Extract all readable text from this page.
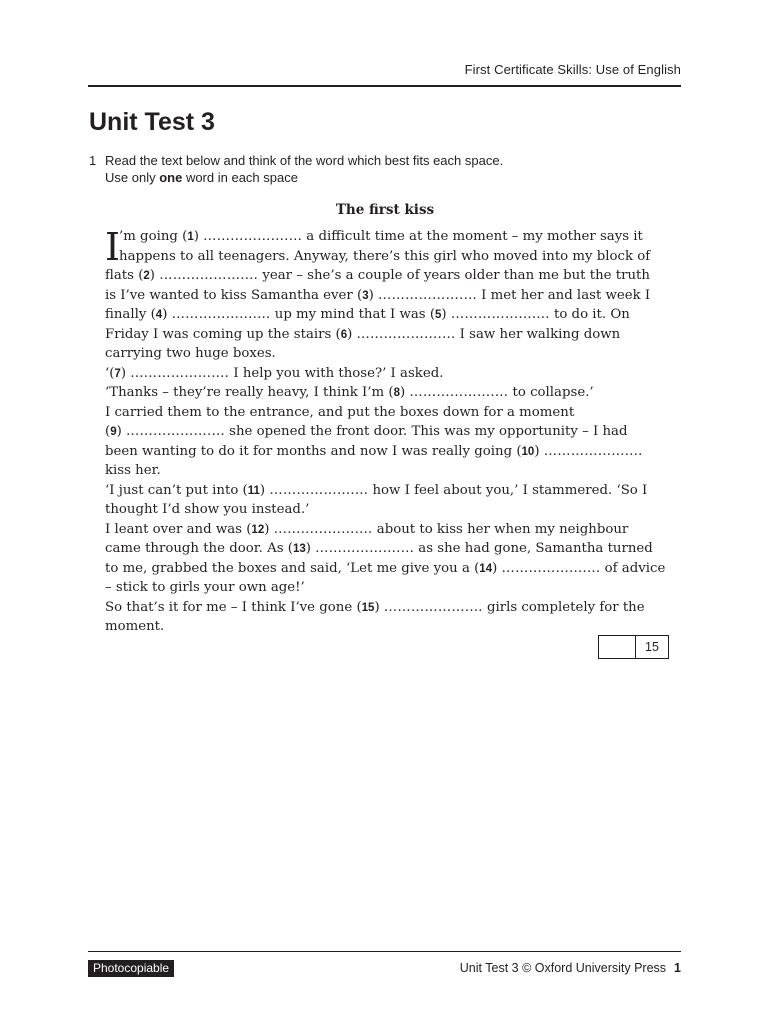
First Certificate Skills: Use of English
Unit Test 3
1 Read the text below and think of the word which best fits each space.
Use only one word in each space
The first kiss
I
’m going (1) ……………….… a difficult time at the moment – my mother says it
happens to all teenagers. Anyway, there’s this girl who moved into my block of
flats (2) ……………….… year – she’s a couple of years older than me but the truth
is I’ve wanted to kiss Samantha ever (3) ……………….… I met her and last week I
finally (4) ……………….… up my mind that I was (5) ……………….… to do it. On
Friday I was coming up the stairs (6) ……………….… I saw her walking down
carrying two huge boxes.
‘(7) ……………….… I help you with those?’ I asked.
‘Thanks – they’re really heavy, I think I’m (8) ……………….… to collapse.’
I carried them to the entrance, and put the boxes down for a moment
(9) ……………….… she opened the front door. This was my opportunity – I had
been wanting to do it for months and now I was really going (10) ……………….…
kiss her.
‘I just can’t put into (11) ……………….… how I feel about you,’ I stammered. ‘So I
thought I’d show you instead.’
I leant over and was (12) ……………….… about to kiss her when my neighbour
came through the door. As (13) ……………….… as she had gone, Samantha turned
to me, grabbed the boxes and said, ‘Let me give you a (14) ……………….… of advice
– stick to girls your own age!’
So that’s it for me – I think I’ve gone (15) ……………….… girls completely for the
moment.
15
Photocopiable	Unit Test 3 © Oxford University Press 1
